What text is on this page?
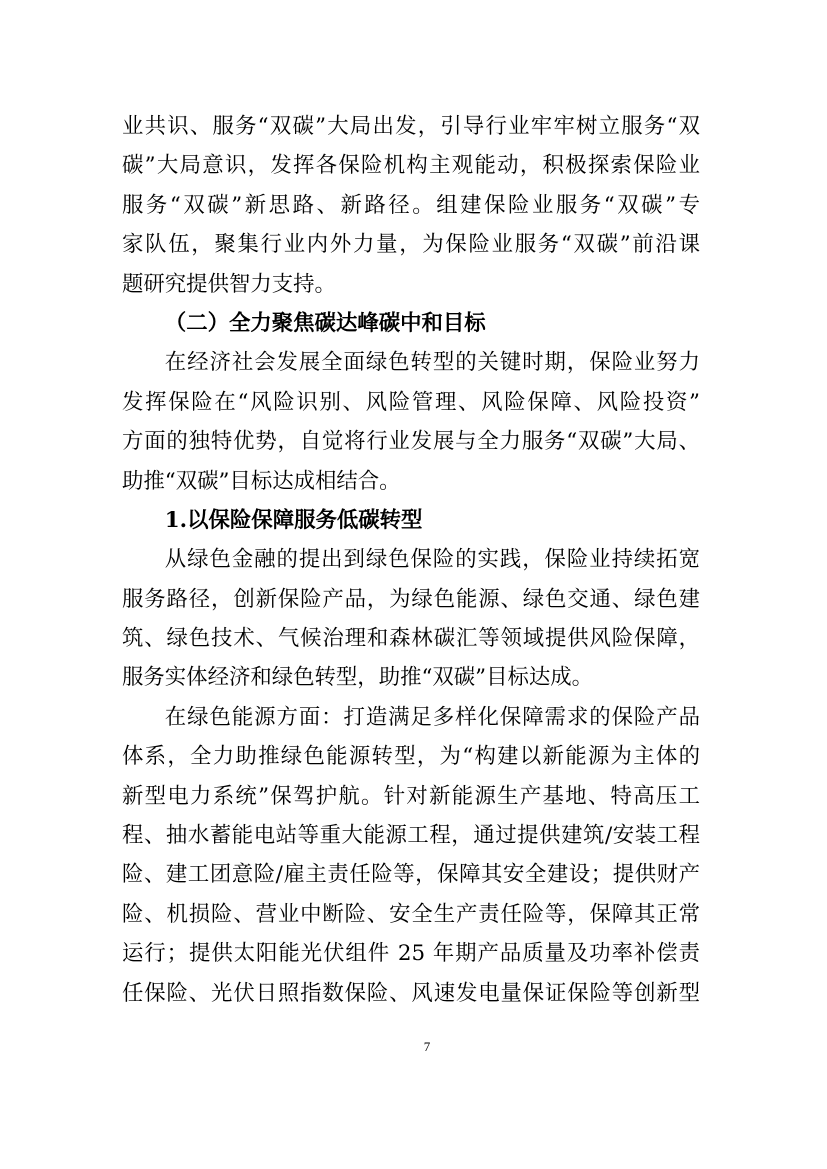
业共识、服务“双碳”大局出发，引导行业牢牢树立服务“双
碳”大局意识，发挥各保险机构主观能动，积极探索保险业
服务“双碳”新思路、新路径。组建保险业服务“双碳”专
家队伍，聚集行业内外力量，为保险业服务“双碳”前沿课
题研究提供智力支持。
（二）全力聚焦碳达峰碳中和目标
在经济社会发展全面绿色转型的关键时期，保险业努力
发挥保险在“风险识别、风险管理、风险保障、风险投资”
方面的独特优势，自觉将行业发展与全力服务“双碳”大局、
助推“双碳”目标达成相结合。
1.以保险保障服务低碳转型
从绿色金融的提出到绿色保险的实践，保险业持续拓宽
服务路径，创新保险产品，为绿色能源、绿色交通、绿色建
筑、绿色技术、气候治理和森林碳汇等领域提供风险保障，
服务实体经济和绿色转型，助推“双碳”目标达成。
在绿色能源方面：打造满足多样化保障需求的保险产品
体系，全力助推绿色能源转型，为“构建以新能源为主体的
新型电力系统”保驾护航。针对新能源生产基地、特高压工
程、抽水蓄能电站等重大能源工程，通过提供建筑/安装工程
险、建工团意险/雇主责任险等，保障其安全建设；提供财产
险、机损险、营业中断险、安全生产责任险等，保障其正常
运行；提供太阳能光伏组件 25 年期产品质量及功率补偿责
任保险、光伏日照指数保险、风速发电量保证保险等创新型
7
